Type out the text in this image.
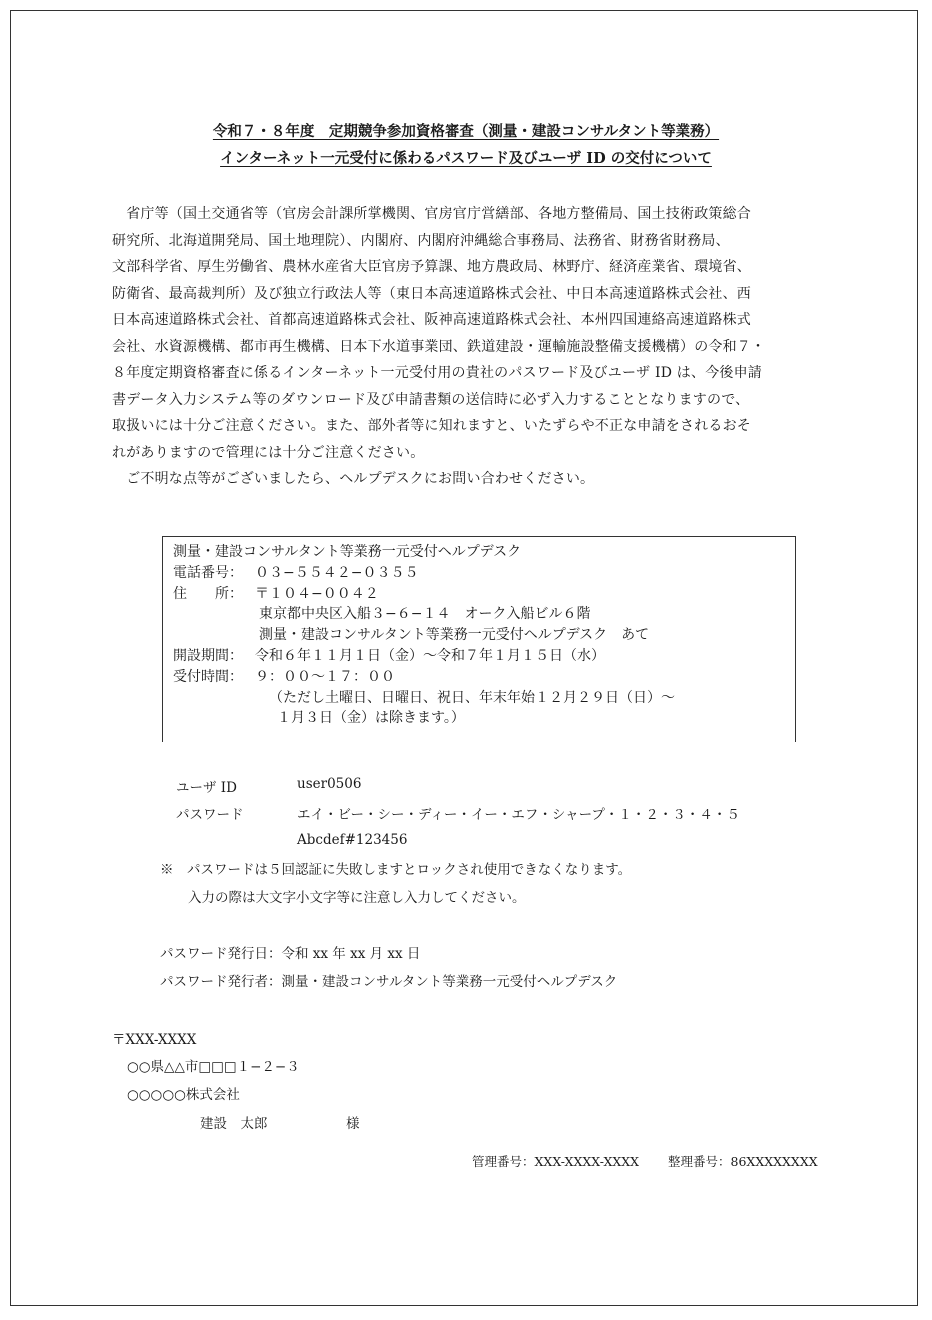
令和７・８年度　定期競争参加資格審査（測量・建設コンサルタント等業務）
インターネット一元受付に係わるパスワード及びユーザ ID の交付について

　省庁等（国土交通省等（官房会計課所掌機関、官房官庁営繕部、各地方整備局、国土技術政策総合

研究所、北海道開発局、国土地理院）、内閣府、内閣府沖縄総合事務局、法務省、財務省財務局、

文部科学省、厚生労働省、農林水産省大臣官房予算課、地方農政局、林野庁、経済産業省、環境省、

防衛省、最高裁判所）及び独立行政法人等（東日本高速道路株式会社、中日本高速道路株式会社、西

日本高速道路株式会社、首都高速道路株式会社、阪神高速道路株式会社、本州四国連絡高速道路株式

会社、水資源機構、都市再生機構、日本下水道事業団、鉄道建設・運輸施設整備支援機構）の令和７・

８年度定期資格審査に係るインターネット一元受付用の貴社のパスワード及びユーザ ID は、今後申請

書データ入力システム等のダウンロード及び申請書類の送信時に必ず入力することとなりますので、

取扱いには十分ご注意ください。また、部外者等に知れますと、いたずらや不正な申請をされるおそ

れがありますので管理には十分ご注意ください。

　ご不明な点等がございましたら、ヘルプデスクにお問い合わせください。

測量・建設コンサルタント等業務一元受付ヘルプデスク
電話番号： ０３−５５４２−０３５５
住　　所： 〒１０４−００４２
東京都中央区入船３−６−１４　オーク入船ビル６階
測量・建設コンサルタント等業務一元受付ヘルプデスク　あて
開設期間： 令和６年１１月１日（金）〜令和７年１月１５日（水）
受付時間： ９：００〜１７：００
（ただし土曜日、日曜日、祝日、年末年始１２月２９日（日）〜
１月３日（金）は除きます。）
ユーザ ID	user0506
パスワード	エイ・ビー・シー・ディー・イー・エフ・シャープ・１・２・３・４・５
Abcdef#123456
※　パスワードは５回認証に失敗しますとロックされ使用できなくなります。
入力の際は大文字小文字等に注意し入力してください。
パスワード発行日：令和 xx 年 xx 月 xx 日
パスワード発行者：測量・建設コンサルタント等業務一元受付ヘルプデスク
〒XXX-XXXX
○○県△△市□□□１−２−３
○○○○○株式会社
建設　太郎	様
管理番号：XXX-XXXX-XXXX 整理番号：86XXXXXXXX
